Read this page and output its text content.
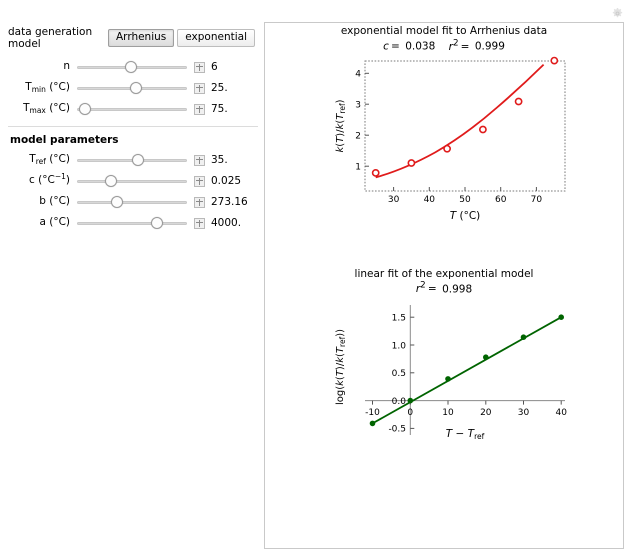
data generation model
Arrhenius	exponential
n	6
$T_{min}$ (°C)	25.
$T_{max}$ (°C)	75.
model parameters
$T_{ref}$ (°C)	35.
c $(^\circ C^{-1})$	0.025
b (°C)	273.16
a (°C)	4000.
exponential model fit to Arrhenius data
c =  0.038 $r^2 = 0.999$
1
2
3
4
30	40	50	60	70
T (°C)
k(T)/k(Tref)
linear fit of the exponential model
$r^2 = 0.998$
-0.5
0.0
0.5
1.0
1.5
-10	0	10	20	30	40
T − Tref
log(k(T)/k(Tref))
